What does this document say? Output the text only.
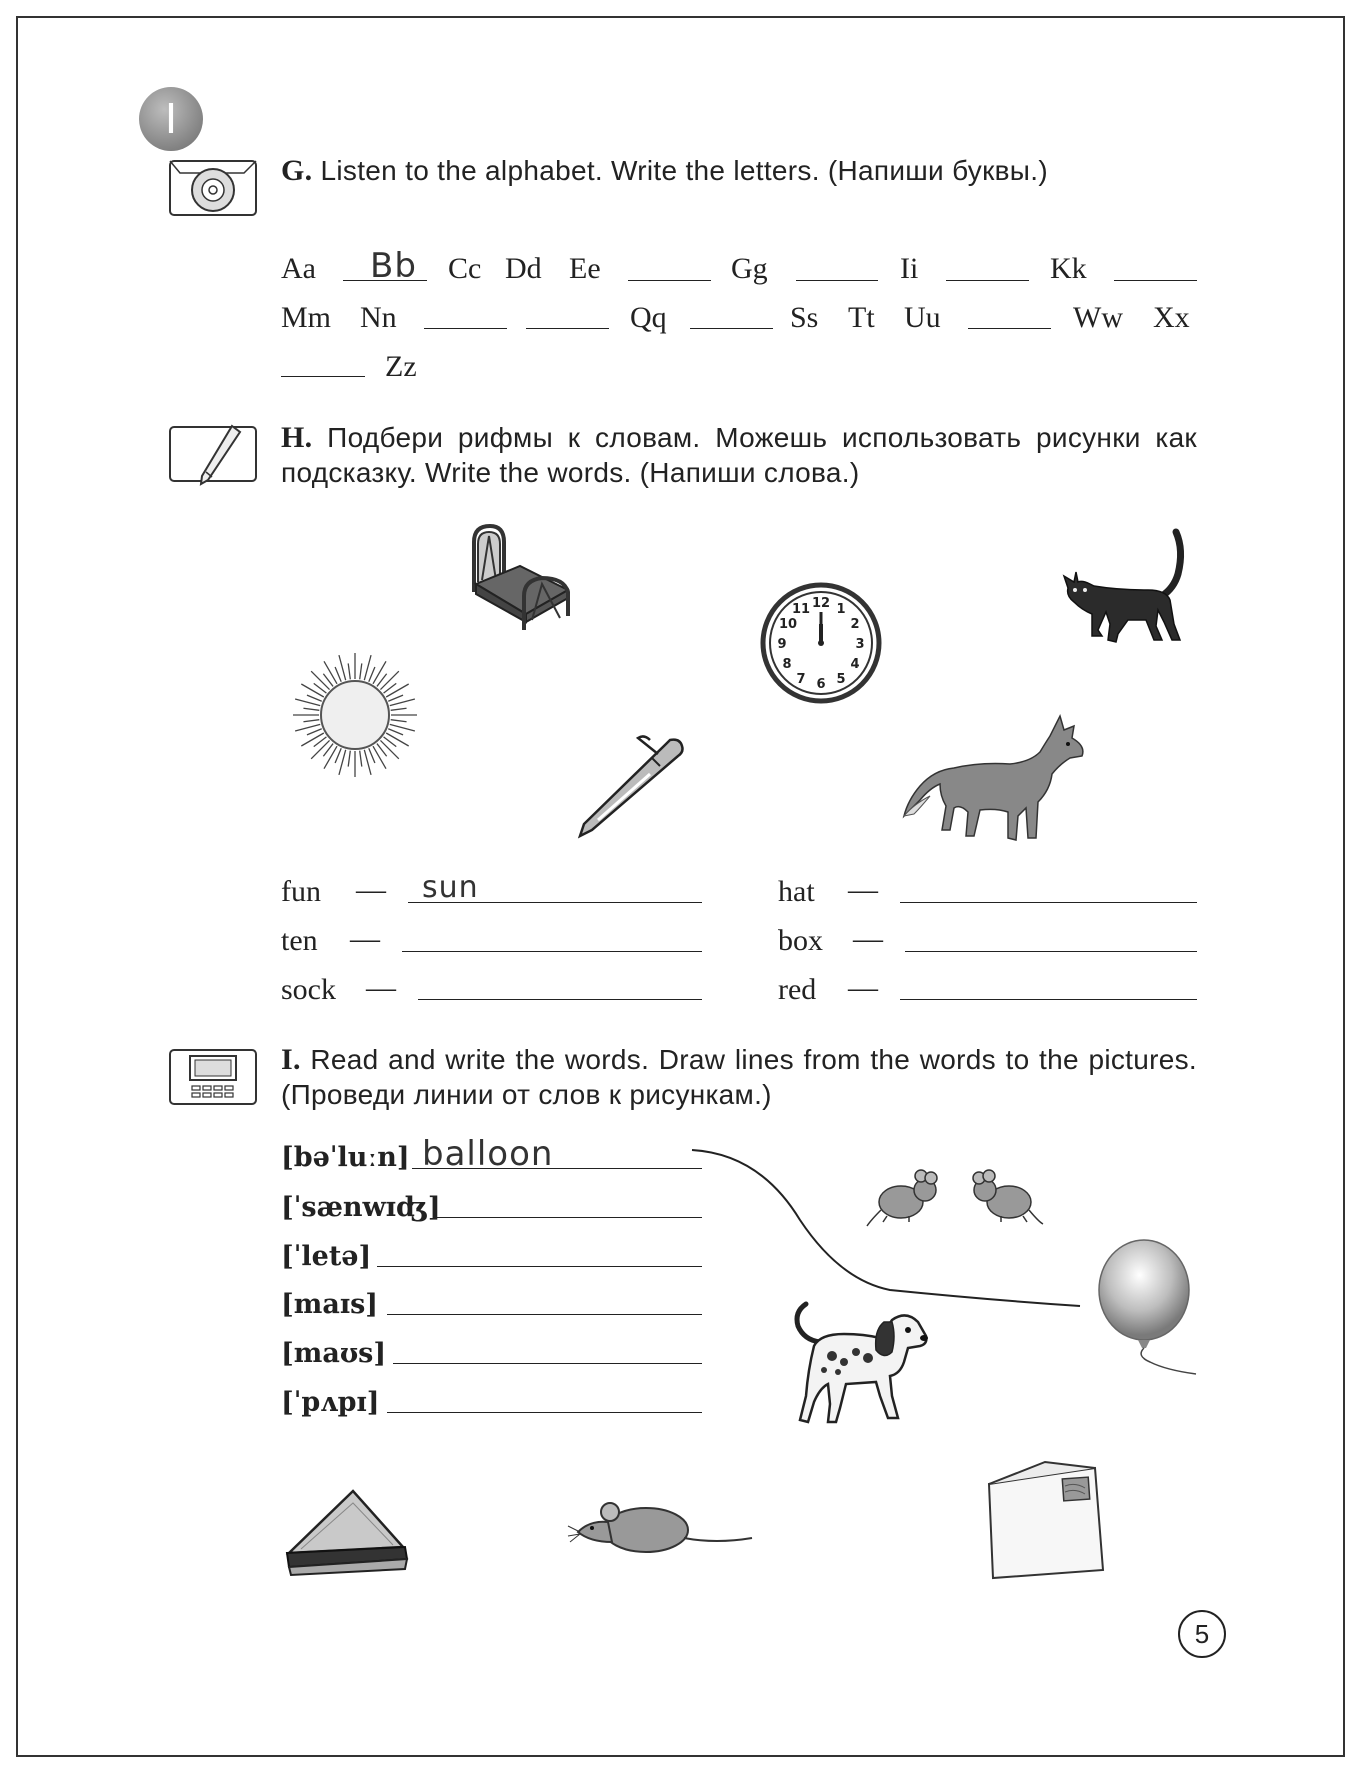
I
G. Listen to the alphabet. Write the letters. (Напиши буквы.)
Aa Bb Cc Dd Ee	Gg	Ii	Kk
Mm Nn	Qq	Ss Tt Uu	Ww Xx
Zz
H. Подбери рифмы к словам. Можешь использовать рисунки как подсказку. Write the words. (Напиши слова.)
12 1
2
3
4
5
6
7
8
9
10
11
fun — sun
ten —
sock —
hat —
box —
red —
I. Read and write the words. Draw lines from the words to the pictures. (Проведи линии от слов к рисункам.)
[bəˈluːn] balloon
[ˈsænwɪʤ]
[ˈletə]
[maɪs]
[maʊs]
[ˈpʌpɪ]
5
